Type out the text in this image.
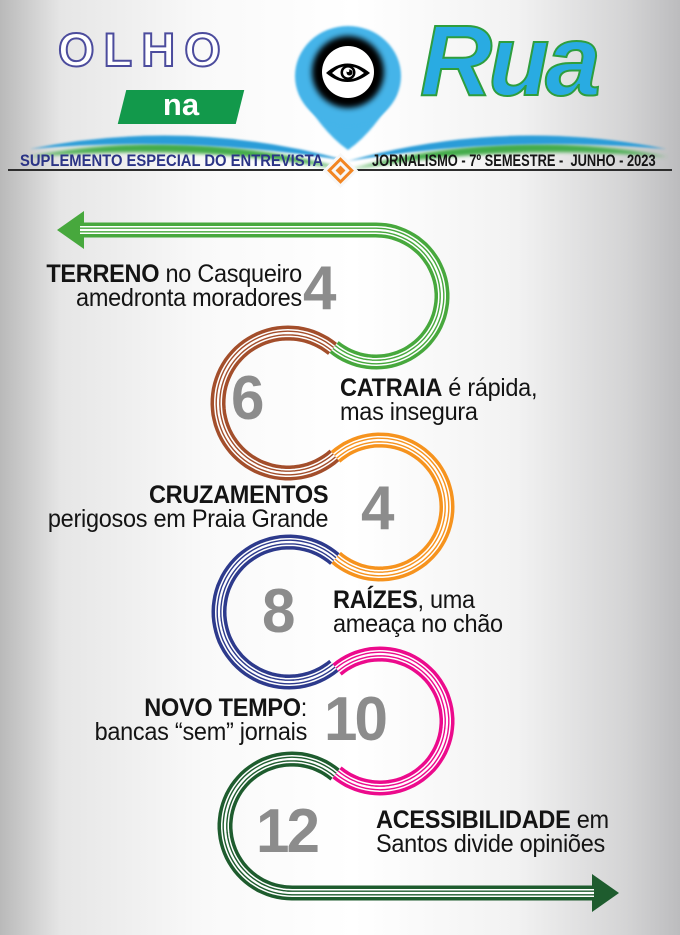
OLHO
na	Rua
SUPLEMENTO ESPECIAL DO ENTREVISTA	JORNALISMO - 7º SEMESTRE -  JUNHO - 2023
TERRENO no Casqueiro
amedronta moradores 4
CATRAIA é rápida,
mas insegura
6
CRUZAMENTOS
perigosos em Praia Grande 4
RAÍZES, uma
ameaça no chão
8
NOVO TEMPO:
bancas “sem” jornais 10
ACESSIBILIDADE em
Santos divide opiniões
12
